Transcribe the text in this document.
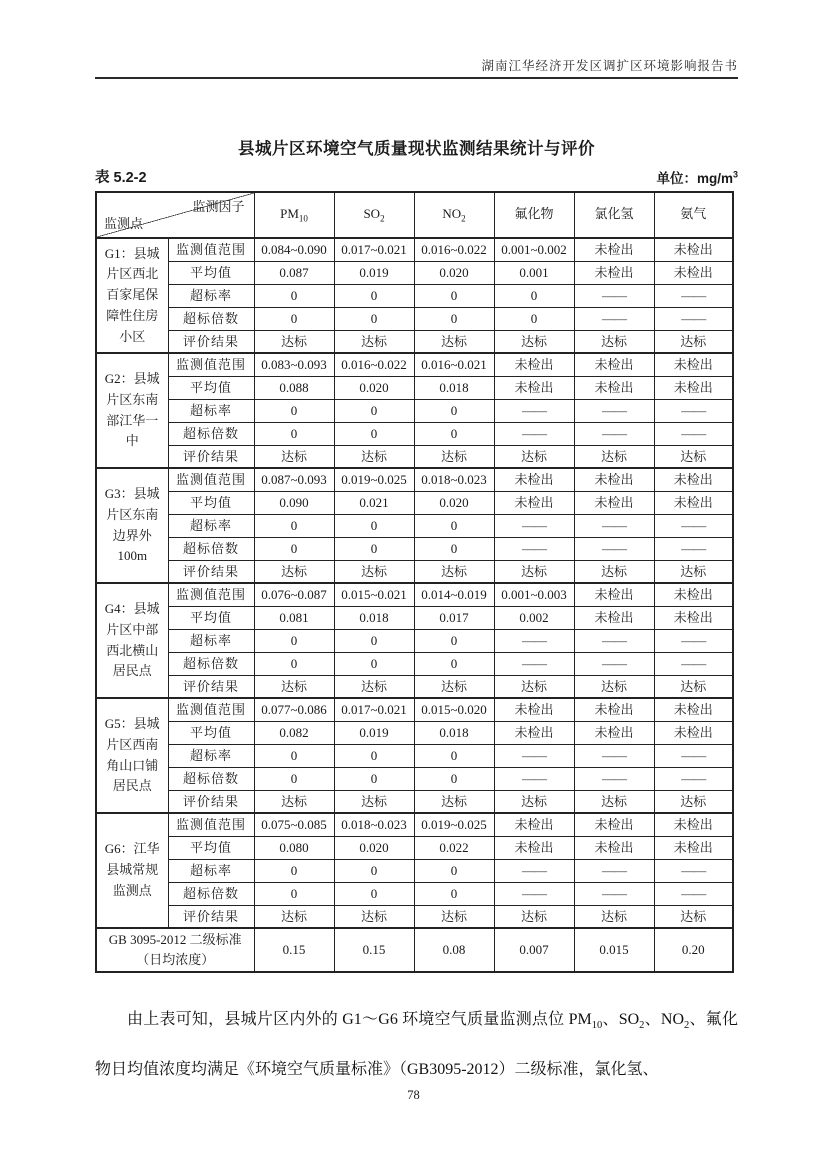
湖南江华经济开发区调扩区环境影响报告书
县城片区环境空气质量现状监测结果统计与评价
表 5.2-2	单位：$mg/m^3$
监测因子
监测点		$PM_{10}$	$SO_2$	$NO_2$	氟化物	氯化氢	氨气
G1：县城片区西北百家尾保障性住房小区	监测值范围	0.084~0.090	0.017~0.021	0.016~0.022	0.001~0.002	未检出	未检出
	平均值	0.087	0.019	0.020	0.001	未检出	未检出
	超标率	0	0	0	0	——	——
	超标倍数	0	0	0	0	——	——
	评价结果	达标	达标	达标	达标	达标	达标
G2：县城片区东南部江华一中	监测值范围	0.083~0.093	0.016~0.022	0.016~0.021	未检出	未检出	未检出
	平均值	0.088	0.020	0.018	未检出	未检出	未检出
	超标率	0	0	0	——	——	——
	超标倍数	0	0	0	——	——	——
	评价结果	达标	达标	达标	达标	达标	达标
G3：县城片区东南边界外100m	监测值范围	0.087~0.093	0.019~0.025	0.018~0.023	未检出	未检出	未检出
	平均值	0.090	0.021	0.020	未检出	未检出	未检出
	超标率	0	0	0	——	——	——
	超标倍数	0	0	0	——	——	——
	评价结果	达标	达标	达标	达标	达标	达标
G4：县城片区中部西北横山居民点	监测值范围	0.076~0.087	0.015~0.021	0.014~0.019	0.001~0.003	未检出	未检出
	平均值	0.081	0.018	0.017	0.002	未检出	未检出
	超标率	0	0	0	——	——	——
	超标倍数	0	0	0	——	——	——
	评价结果	达标	达标	达标	达标	达标	达标
G5：县城片区西南角山口铺居民点	监测值范围	0.077~0.086	0.017~0.021	0.015~0.020	未检出	未检出	未检出
	平均值	0.082	0.019	0.018	未检出	未检出	未检出
	超标率	0	0	0	——	——	——
	超标倍数	0	0	0	——	——	——
	评价结果	达标	达标	达标	达标	达标	达标
G6：江华县城常规监测点	监测值范围	0.075~0.085	0.018~0.023	0.019~0.025	未检出	未检出	未检出
	平均值	0.080	0.020	0.022	未检出	未检出	未检出
	超标率	0	0	0	——	——	——
	超标倍数	0	0	0	——	——	——
	评价结果	达标	达标	达标	达标	达标	达标
GB 3095-2012 二级标准
（日均浓度）		0.15	0.15	0.08	0.007	0.015	0.20

由上表可知，县城片区内外的 G1～G6 环境空气质量监测点位 $PM_{10}$、$SO_2$、$NO_2$、氟化物日均值浓度均满足《环境空气质量标准》（GB3095-2012）二级标准，氯化氢、

78
